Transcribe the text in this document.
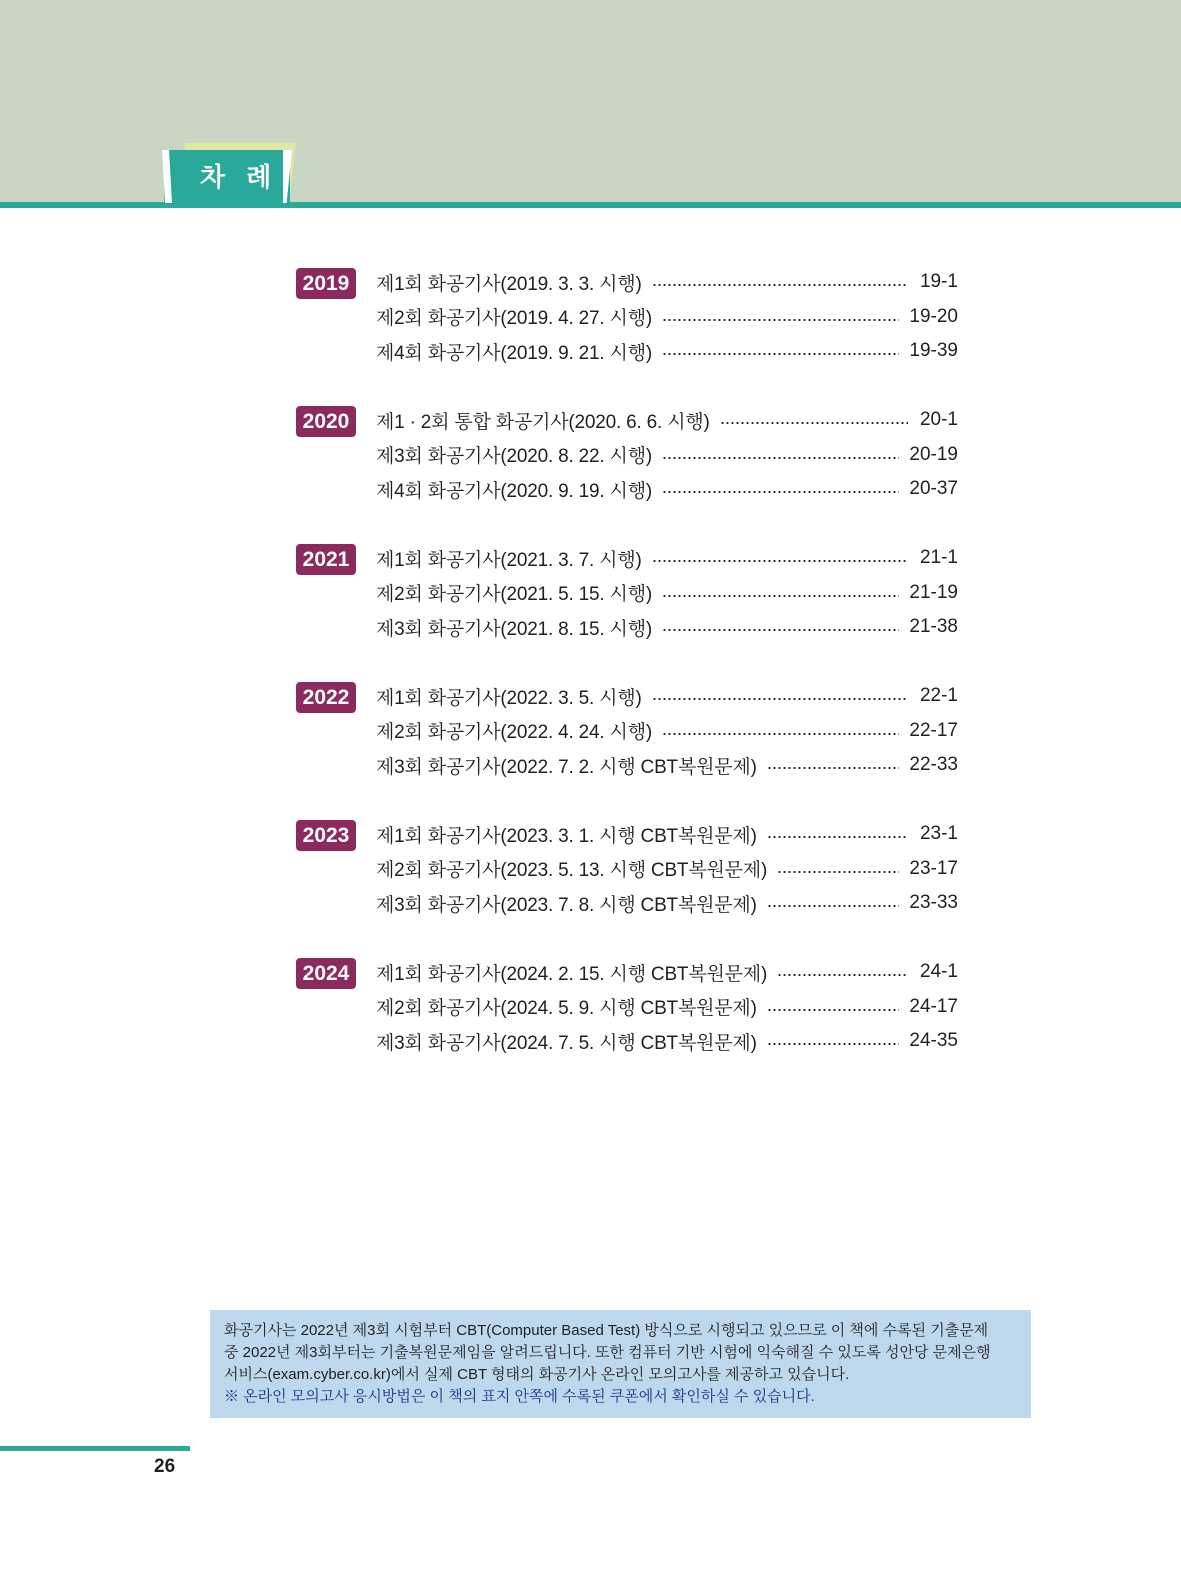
차 례
2019	제1회 화공기사(2019. 3. 3. 시행)	19-1
제2회 화공기사(2019. 4. 27. 시행)	19-20
제4회 화공기사(2019. 9. 21. 시행)	19-39
2020	제1 · 2회 통합 화공기사(2020. 6. 6. 시행)	20-1
제3회 화공기사(2020. 8. 22. 시행)	20-19
제4회 화공기사(2020. 9. 19. 시행)	20-37
2021	제1회 화공기사(2021. 3. 7. 시행)	21-1
제2회 화공기사(2021. 5. 15. 시행)	21-19
제3회 화공기사(2021. 8. 15. 시행)	21-38
2022	제1회 화공기사(2022. 3. 5. 시행)	22-1
제2회 화공기사(2022. 4. 24. 시행)	22-17
제3회 화공기사(2022. 7. 2. 시행 CBT복원문제)	22-33
2023	제1회 화공기사(2023. 3. 1. 시행 CBT복원문제)	23-1
제2회 화공기사(2023. 5. 13. 시행 CBT복원문제)	23-17
제3회 화공기사(2023. 7. 8. 시행 CBT복원문제)	23-33
2024	제1회 화공기사(2024. 2. 15. 시행 CBT복원문제)	24-1
제2회 화공기사(2024. 5. 9. 시행 CBT복원문제)	24-17
제3회 화공기사(2024. 7. 5. 시행 CBT복원문제)	24-35

화공기사는 2022년 제3회 시험부터 CBT(Computer Based Test) 방식으로 시행되고 있으므로 이 책에 수록된 기출문제

중 2022년 제3회부터는 기출복원문제임을 알려드립니다. 또한 컴퓨터 기반 시험에 익숙해질 수 있도록 성안당 문제은행

서비스(exam.cyber.co.kr)에서 실제 CBT 형태의 화공기사 온라인 모의고사를 제공하고 있습니다.

※ 온라인 모의고사 응시방법은 이 책의 표지 안쪽에 수록된 쿠폰에서 확인하실 수 있습니다.

26
